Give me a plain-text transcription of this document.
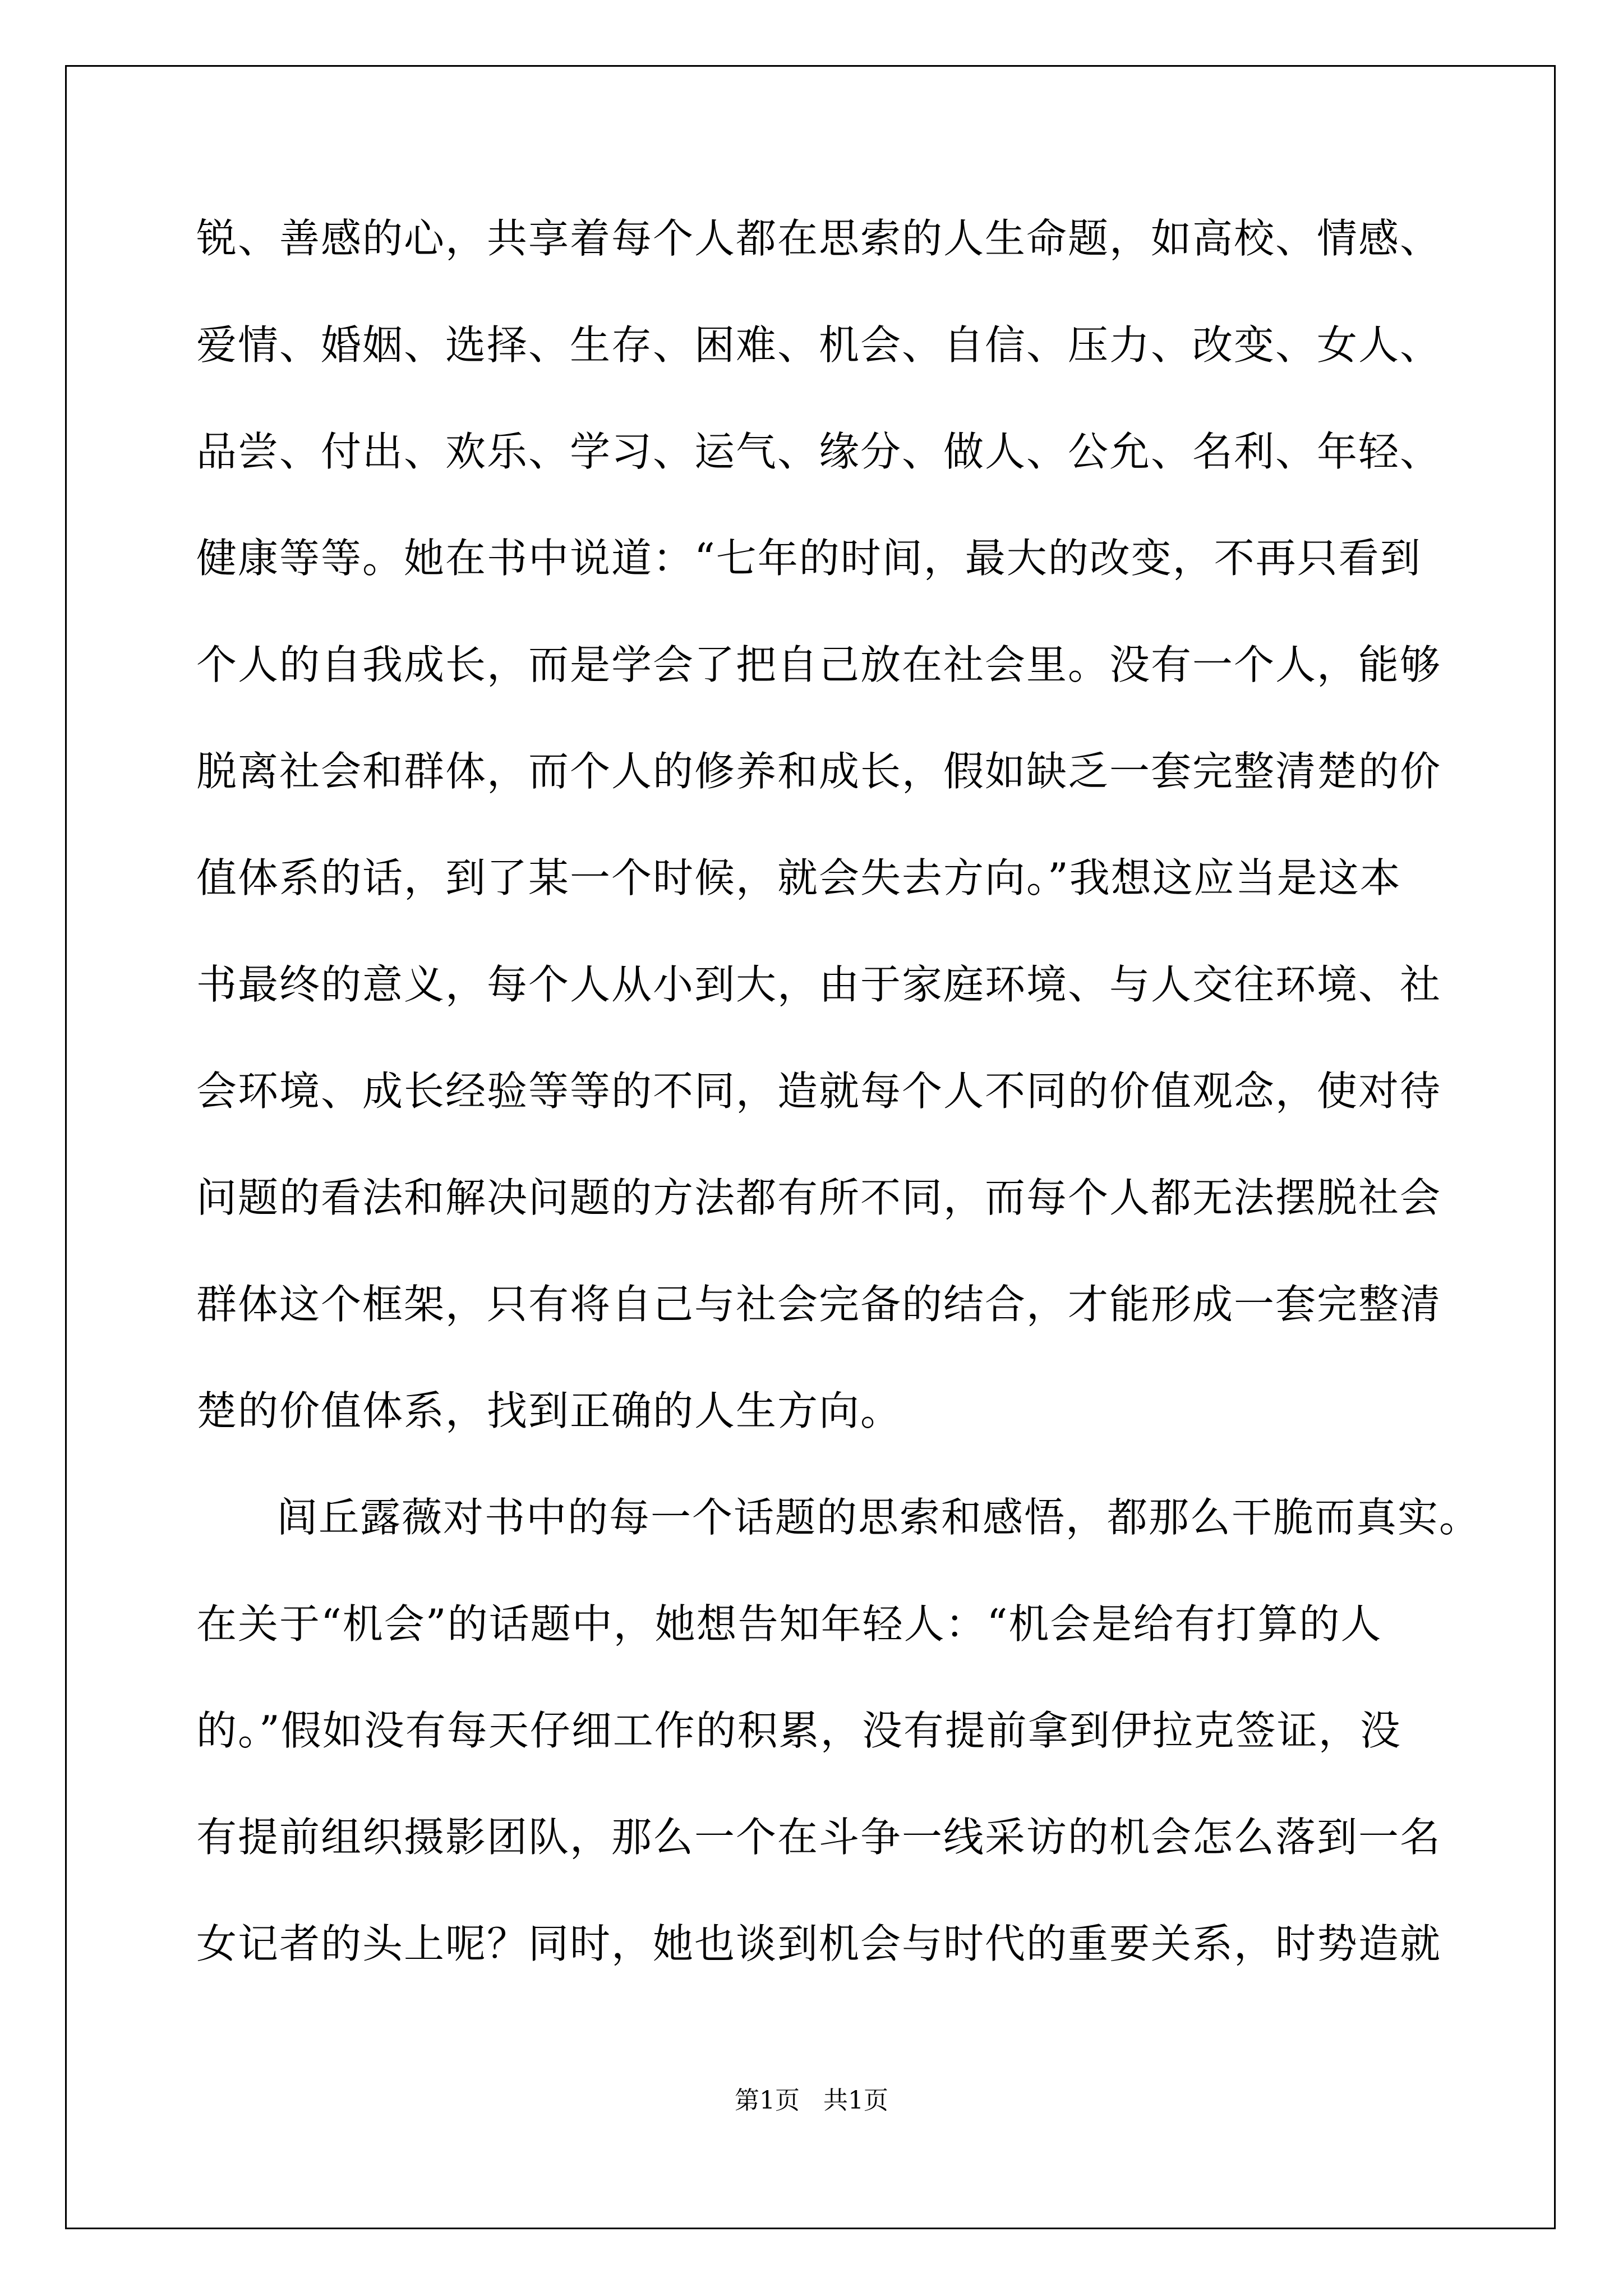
锐、善感的心，共享着每个人都在思索的人生命题，如高校、情感、
爱情、婚姻、选择、生存、困难、机会、自信、压力、改变、女人、
品尝、付出、欢乐、学习、运气、缘分、做人、公允、名利、年轻、
健康等等。她在书中说道：“七年的时间，最大的改变，不再只看到
个人的自我成长，而是学会了把自己放在社会里。没有一个人，能够
脱离社会和群体，而个人的修养和成长，假如缺乏一套完整清楚的价
值体系的话，到了某一个时候，就会失去方向。”我想这应当是这本
书最终的意义，每个人从小到大，由于家庭环境、与人交往环境、社
会环境、成长经验等等的不同，造就每个人不同的价值观念，使对待
问题的看法和解决问题的方法都有所不同，而每个人都无法摆脱社会
群体这个框架，只有将自己与社会完备的结合，才能形成一套完整清
楚的价值体系，找到正确的人生方向。
闾丘露薇对书中的每一个话题的思索和感悟，都那么干脆而真实。
在关于“机会”的话题中，她想告知年轻人：“机会是给有打算的人
的。”假如没有每天仔细工作的积累，没有提前拿到伊拉克签证，没
有提前组织摄影团队，那么一个在斗争一线采访的机会怎么落到一名
女记者的头上呢？同时，她也谈到机会与时代的重要关系，时势造就
第1页 共1页
